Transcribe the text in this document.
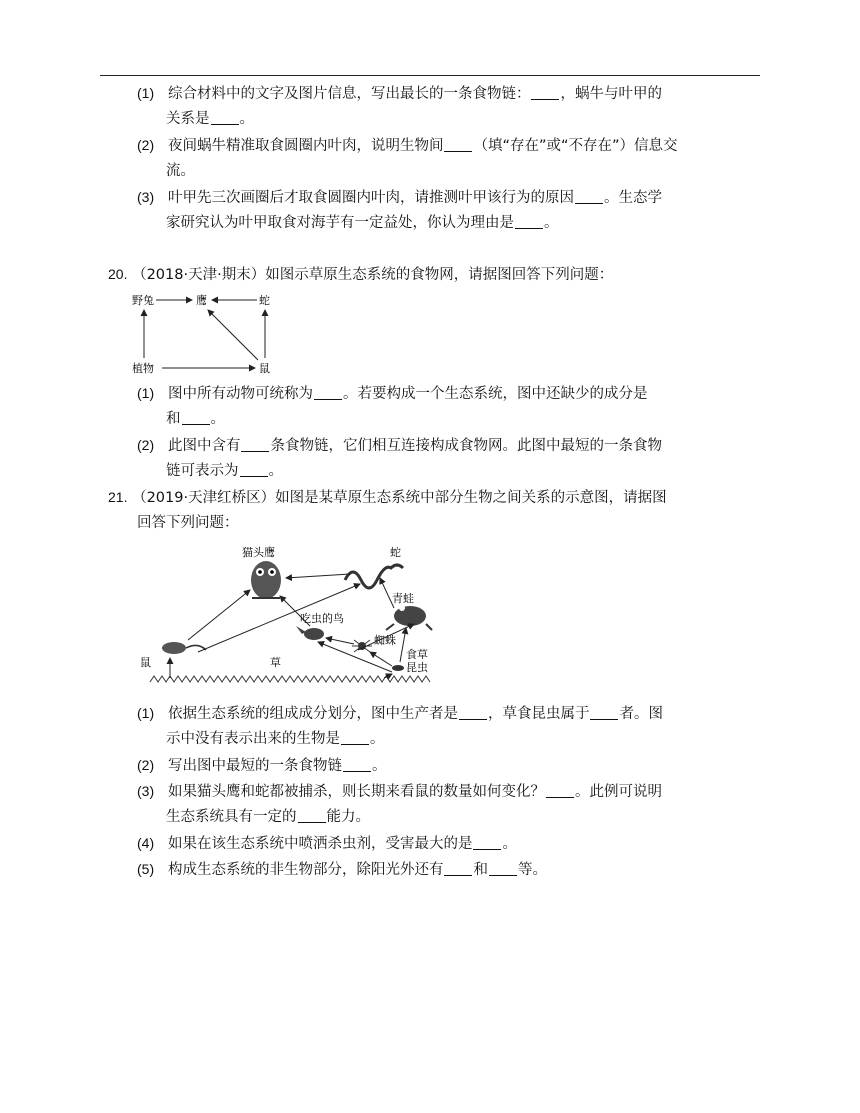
(1) 综合材料中的文字及图片信息，写出最长的一条食物链： ，蜗牛与叶甲的
关系是 。
(2) 夜间蜗牛精准取食圆圈内叶肉，说明生物间 （填“存在”或“不存在”）信息交
流。
(3) 叶甲先三次画圈后才取食圆圈内叶肉，请推测叶甲该行为的原因 。生态学
家研究认为叶甲取食对海芋有一定益处，你认为理由是 。
20. （2018·天津·期末）如图示草原生态系统的食物网，请据图回答下列问题：
野兔	鹰	蛇
植物	鼠
(1) 图中所有动物可统称为 。若要构成一个生态系统，图中还缺少的成分是
和 。
(2) 此图中含有 条食物链，它们相互连接构成食物网。此图中最短的一条食物
链可表示为 。
21. （2019·天津红桥区）如图是某草原生态系统中部分生物之间关系的示意图，请据图
回答下列问题：
猫头鹰	蛇
青蛙
吃虫的鸟
蜘蛛
食草
昆虫
鼠	草
(1) 依据生态系统的组成成分划分，图中生产者是 ，草食昆虫属于 者。图
示中没有表示出来的生物是 。
(2) 写出图中最短的一条食物链 。
(3) 如果猫头鹰和蛇都被捕杀，则长期来看鼠的数量如何变化？ 。此例可说明
生态系统具有一定的 能力。
(4) 如果在该生态系统中喷洒杀虫剂，受害最大的是 。
(5) 构成生态系统的非生物部分，除阳光外还有 和 等。
